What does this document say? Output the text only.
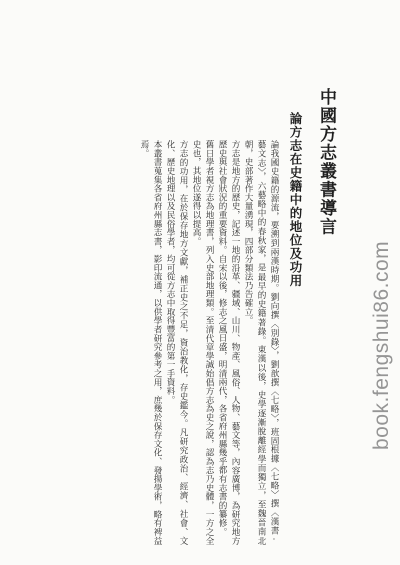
中國方志叢書導言
論方志在史籍中的地位及功用

論我國史籍的源流，要溯到兩漢時期。劉向撰〈別錄〉，劉歆撰〈七略〉，班固根據〈七略〉撰〈漢書·藝文志〉，六藝略中的春秋家，是最早的史籍著錄。東漢以後，史學逐漸脫離經學而獨立，至魏晉南北朝，史部著作大量湧現，四部分類法乃告確立。

方志是地方的歷史，記述一地的沿革、疆域、山川、物產、風俗、人物、藝文等，內容廣博，為研究地方歷史與社會狀況的重要資料。自宋以後，修志之風日盛，明清兩代，各省府州縣幾乎都有志書的纂修。

舊日學者視方志為地理書，列入史部地理類。至清代章學誠始倡方志為史之說，認為志乃史體，一方之全史也，其地位遂得以提高。

方志的功用，在於保存地方文獻，補正史之不足，資治教化，存史鑑今。凡研究政治、經濟、社會、文化、歷史地理以及民俗學者，均可從方志中取得豐富的第一手資料。

本叢書蒐集各省府州縣志書，影印流通，以供學者研究參考之用，庶幾於保存文化、發揚學術，略有裨益焉。

book.fengshui86.com
